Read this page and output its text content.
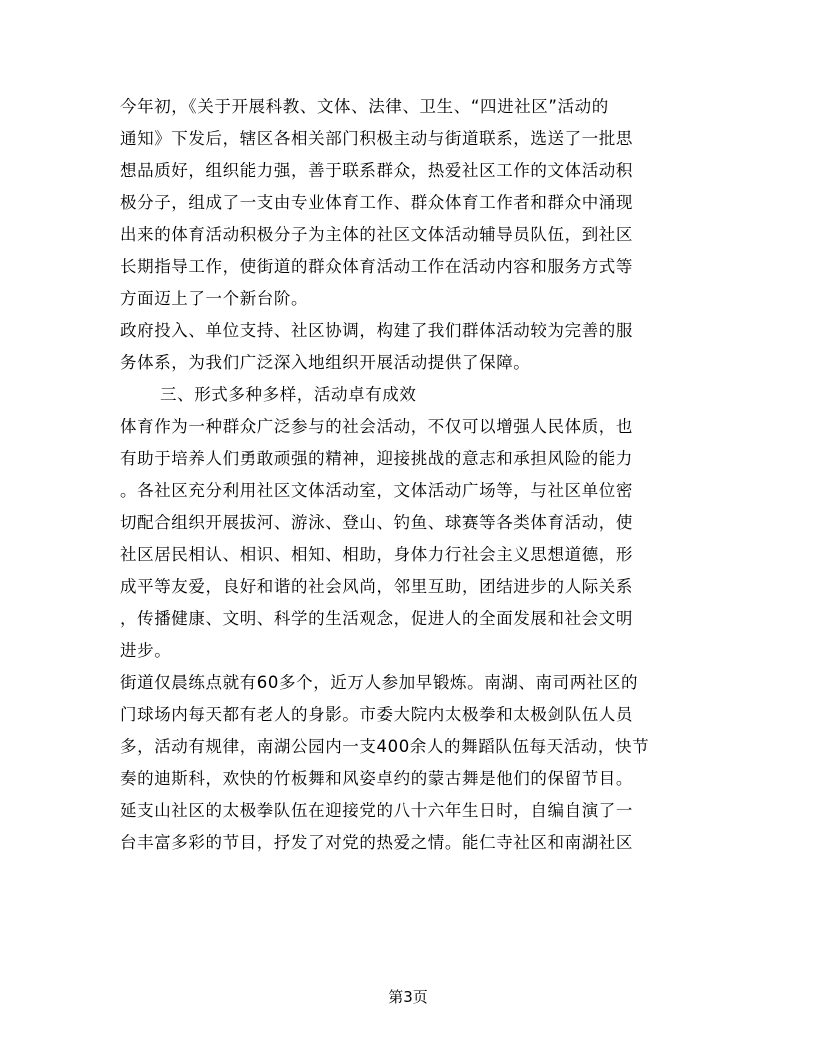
今年初，《关于开展科教、文体、法律、卫生、“四进社区”活动的
通知》下发后，辖区各相关部门积极主动与街道联系，选送了一批思
想品质好，组织能力强，善于联系群众，热爱社区工作的文体活动积
极分子，组成了一支由专业体育工作、群众体育工作者和群众中涌现
出来的体育活动积极分子为主体的社区文体活动辅导员队伍，到社区
长期指导工作，使街道的群众体育活动工作在活动内容和服务方式等
方面迈上了一个新台阶。
政府投入、单位支持、社区协调，构建了我们群体活动较为完善的服
务体系，为我们广泛深入地组织开展活动提供了保障。
三、形式多种多样，活动卓有成效
体育作为一种群众广泛参与的社会活动，不仅可以增强人民体质，也
有助于培养人们勇敢顽强的精神，迎接挑战的意志和承担风险的能力
。各社区充分利用社区文体活动室，文体活动广场等，与社区单位密
切配合组织开展拔河、游泳、登山、钓鱼、球赛等各类体育活动，使
社区居民相认、相识、相知、相助，身体力行社会主义思想道德，形
成平等友爱，良好和谐的社会风尚，邻里互助，团结进步的人际关系
，传播健康、文明、科学的生活观念，促进人的全面发展和社会文明
进步。
街道仅晨练点就有60多个，近万人参加早锻炼。南湖、南司两社区的
门球场内每天都有老人的身影。市委大院内太极拳和太极剑队伍人员
多，活动有规律，南湖公园内一支400余人的舞蹈队伍每天活动，快节
奏的迪斯科，欢快的竹板舞和风姿卓约的蒙古舞是他们的保留节目。
延支山社区的太极拳队伍在迎接党的八十六年生日时，自编自演了一
台丰富多彩的节目，抒发了对党的热爱之情。能仁寺社区和南湖社区
第3页
